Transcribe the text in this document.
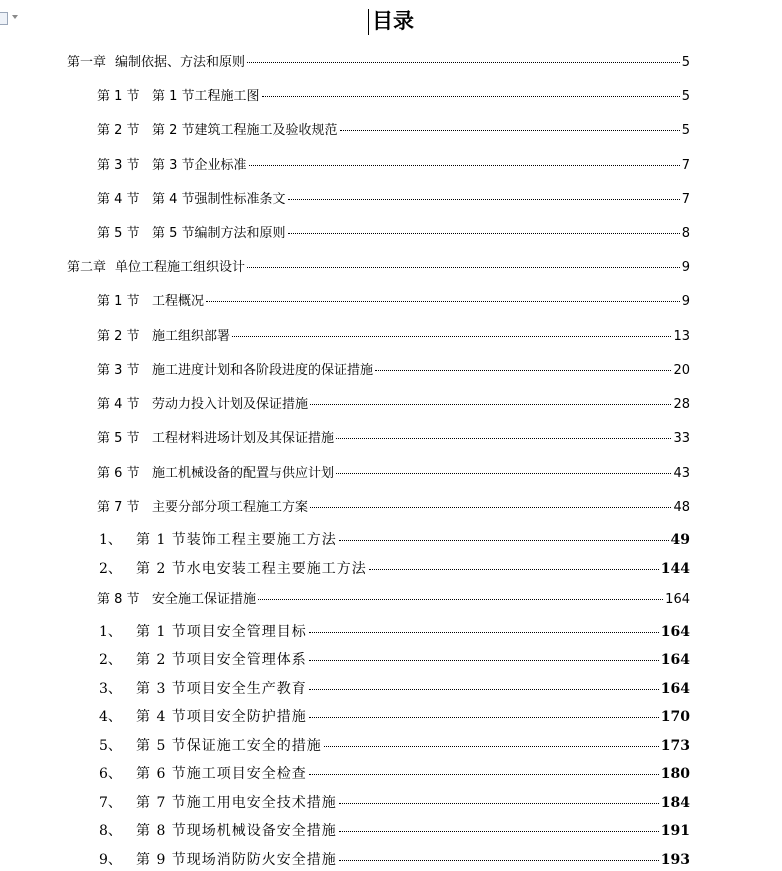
目录
第一章 编制依据、方法和原则	5
第 1 节 第 1 节工程施工图	5
第 2 节 第 2 节建筑工程施工及验收规范	5
第 3 节 第 3 节企业标准	7
第 4 节 第 4 节强制性标准条文	7
第 5 节 第 5 节编制方法和原则	8
第二章 单位工程施工组织设计	9
第 1 节 工程概况	9
第 2 节 施工组织部署	13
第 3 节 施工进度计划和各阶段进度的保证措施	20
第 4 节 劳动力投入计划及保证措施	28
第 5 节 工程材料进场计划及其保证措施	33
第 6 节 施工机械设备的配置与供应计划	43
第 7 节 主要分部分项工程施工方案	48
1、	第 1 节装饰工程主要施工方法	49
2、	第 2 节水电安装工程主要施工方法	144
第 8 节 安全施工保证措施	164
1、	第 1 节项目安全管理目标	164
2、	第 2 节项目安全管理体系	164
3、	第 3 节项目安全生产教育	164
4、	第 4 节项目安全防护措施	170
5、	第 5 节保证施工安全的措施	173
6、	第 6 节施工项目安全检查	180
7、	第 7 节施工用电安全技术措施	184
8、	第 8 节现场机械设备安全措施	191
9、	第 9 节现场消防防火安全措施	193
